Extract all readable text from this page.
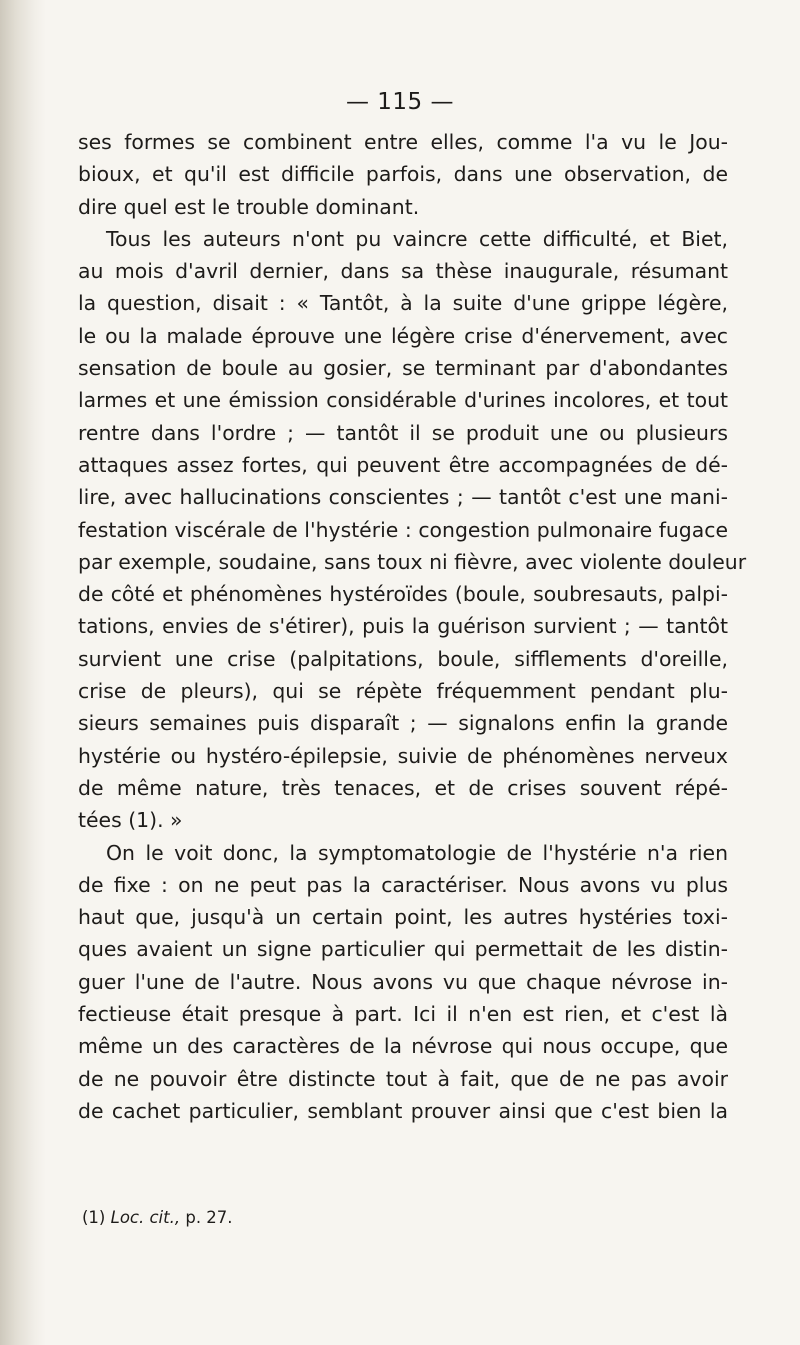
— 115 —
ses formes se combinent entre elles, comme l'a vu le Jou-
bioux, et qu'il est difficile parfois, dans une observation, de
dire quel est le trouble dominant.
Tous les auteurs n'ont pu vaincre cette difficulté, et Biet,
au mois d'avril dernier, dans sa thèse inaugurale, résumant
la question, disait : « Tantôt, à la suite d'une grippe légère,
le ou la malade éprouve une légère crise d'énervement, avec
sensation de boule au gosier, se terminant par d'abondantes
larmes et une émission considérable d'urines incolores, et tout
rentre dans l'ordre ; — tantôt il se produit une ou plusieurs
attaques assez fortes, qui peuvent être accompagnées de dé-
lire, avec hallucinations conscientes ; — tantôt c'est une mani-
festation viscérale de l'hystérie : congestion pulmonaire fugace
par exemple, soudaine, sans toux ni fièvre, avec violente douleur
de côté et phénomènes hystéroïdes (boule, soubresauts, palpi-
tations, envies de s'étirer), puis la guérison survient ; — tantôt
survient une crise (palpitations, boule, sifflements d'oreille,
crise de pleurs), qui se répète fréquemment pendant plu-
sieurs semaines puis disparaît ; — signalons enfin la grande
hystérie ou hystéro-épilepsie, suivie de phénomènes nerveux
de même nature, très tenaces, et de crises souvent répé-
tées (1). »
On le voit donc, la symptomatologie de l'hystérie n'a rien
de fixe : on ne peut pas la caractériser. Nous avons vu plus
haut que, jusqu'à un certain point, les autres hystéries toxi-
ques avaient un signe particulier qui permettait de les distin-
guer l'une de l'autre. Nous avons vu que chaque névrose in-
fectieuse était presque à part. Ici il n'en est rien, et c'est là
même un des caractères de la névrose qui nous occupe, que
de ne pouvoir être distincte tout à fait, que de ne pas avoir
de cachet particulier, semblant prouver ainsi que c'est bien la
(1) Loc. cit., p. 27.
